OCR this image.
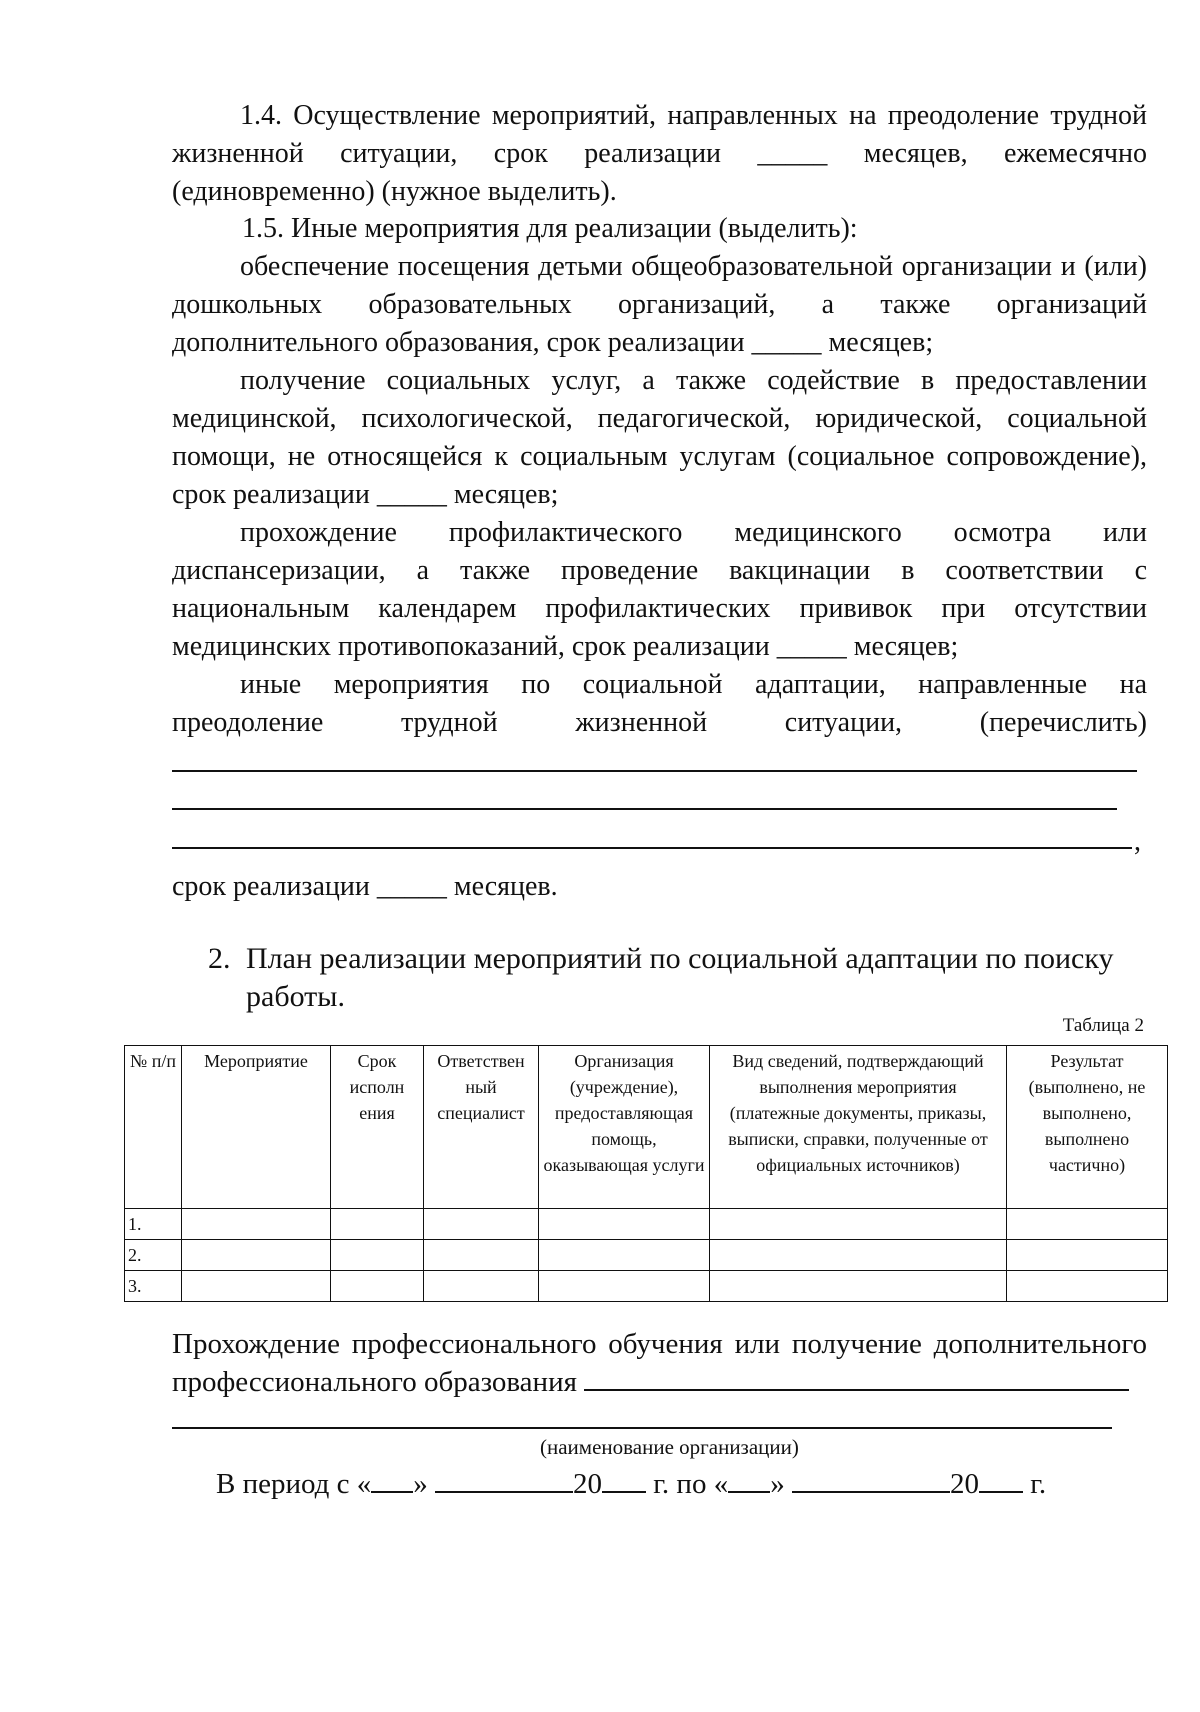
1.4. Осуществление мероприятий, направленных на преодоление трудной жизненной ситуации, срок реализации _____ месяцев, ежемесячно (единовременно) (нужное выделить).
1.5. Иные мероприятия для реализации (выделить):
обеспечение посещения детьми общеобразовательной организации и (или) дошкольных образовательных организаций, а также организаций дополнительного образования, срок реализации _____ месяцев;
получение социальных услуг, а также содействие в предоставлении медицинской, психологической, педагогической, юридической, социальной помощи, не относящейся к социальным услугам (социальное сопровождение), срок реализации _____ месяцев;
прохождение профилактического медицинского осмотра или диспансеризации, а также проведение вакцинации в соответствии с национальным календарем профилактических прививок при отсутствии медицинских противопоказаний, срок реализации _____ месяцев;
иные мероприятия по социальной адаптации, направленные на преодоление трудной жизненной ситуации, (перечислить)
,
срок реализации _____ месяцев.
2. План реализации мероприятий по социальной адаптации по поиску
работы.
Таблица 2
№ п/п	Мероприятие	Срок исполн ения	Ответствен ный специалист	Организация (учреждение), предоставляющая помощь, оказывающая услуги	Вид сведений, подтверждающий выполнения мероприятия (платежные документы, приказы, выписки, справки, полученные от официальных источников)	Результат (выполнено, не выполнено, выполнено частично)
1.						
2.						
3.						
Прохождение профессионального обучения или получение дополнительного профессионального образования
(наименование организации)
В период с « »	20 г. по « »	20 г.
